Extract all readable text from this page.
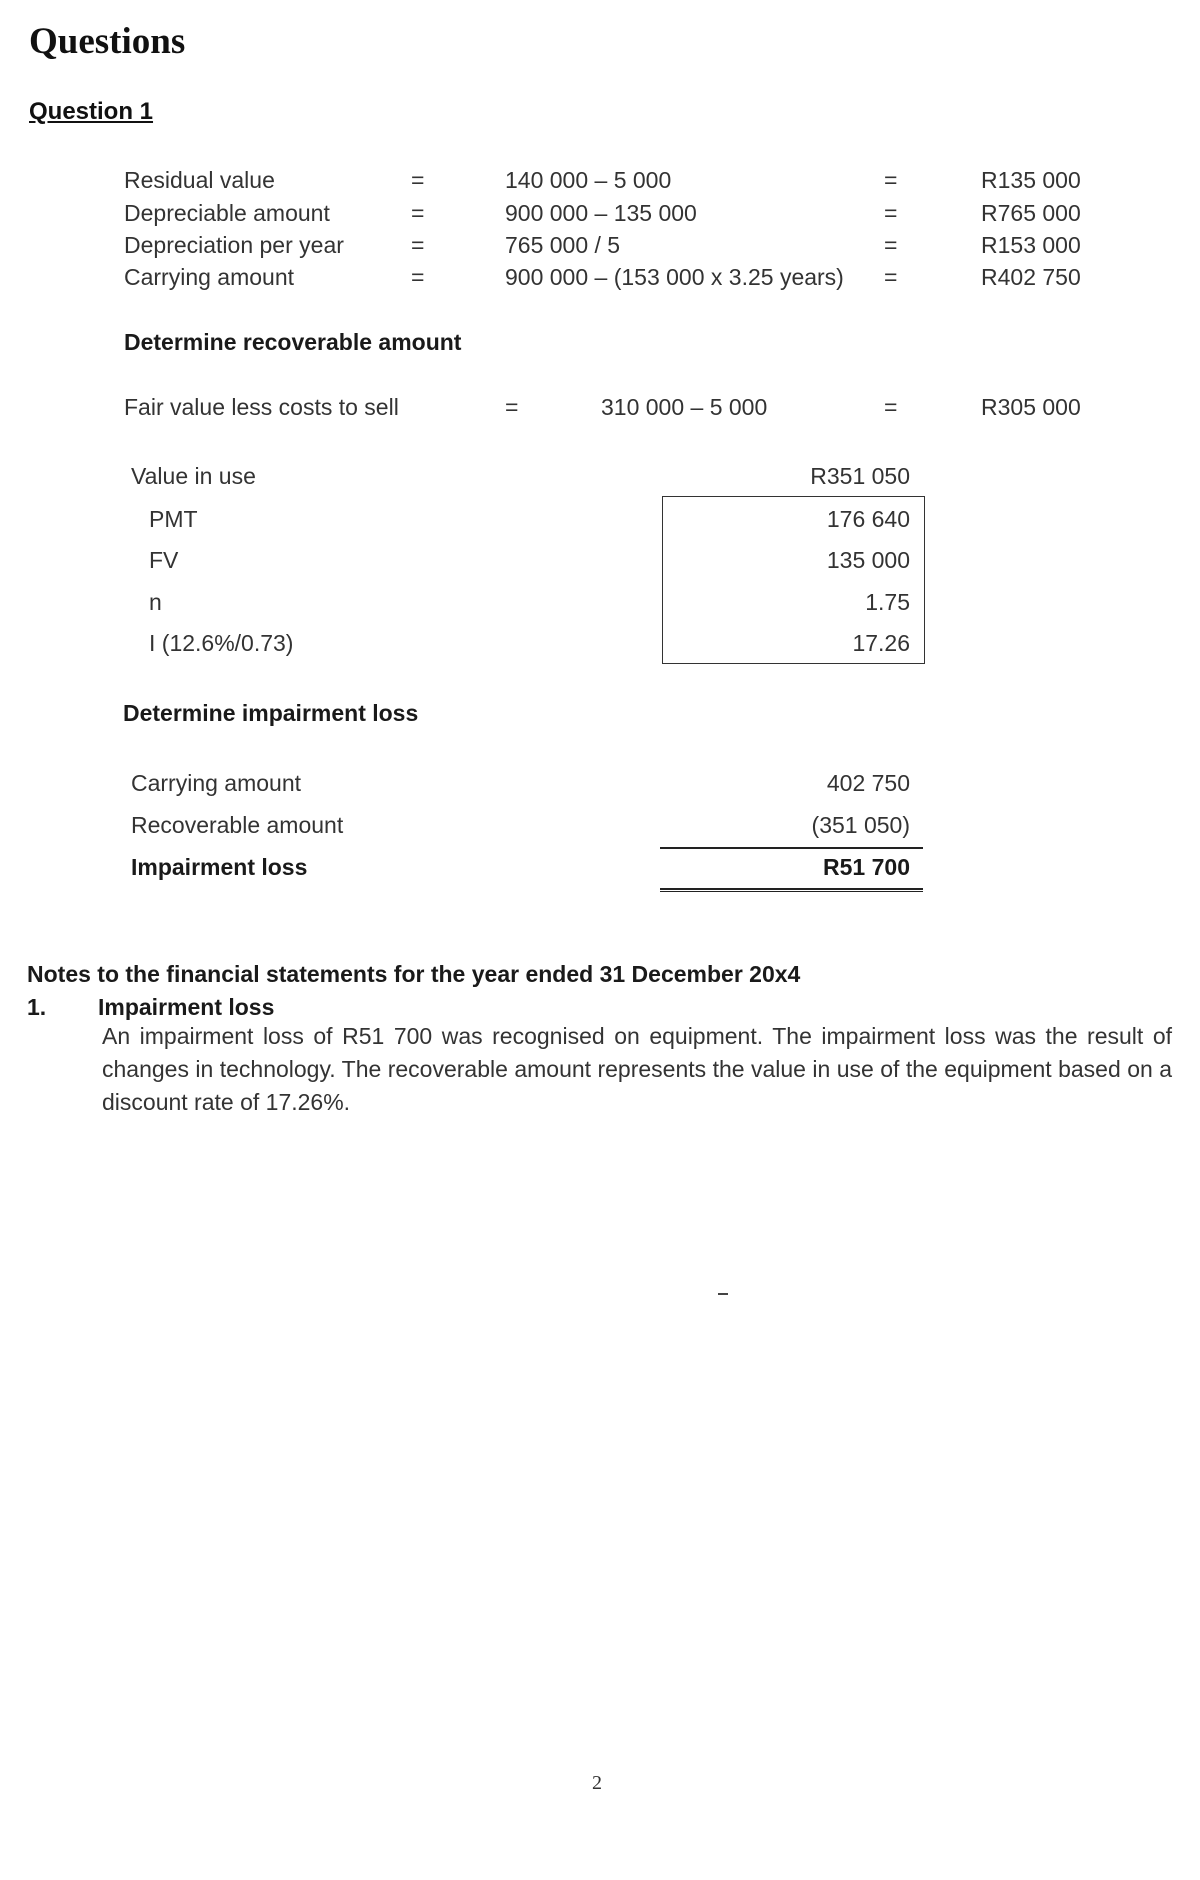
Questions
Question 1
Residual value	=	140 000 – 5 000	=	R135 000
Depreciable amount	=	900 000 – 135 000	=	R765 000
Depreciation per year	=	765 000 / 5	=	R153 000
Carrying amount	=	900 000 – (153 000 x 3.25 years) =	R402 750
Determine recoverable amount
Fair value less costs to sell	=	310 000 – 5 000	=	R305 000
Value in use	R351 050
PMT	176 640
FV	135 000
n	1.75
I (12.6%/0.73)	17.26
Determine impairment loss
Carrying amount	402 750
Recoverable amount	(351 050)
Impairment loss	R51 700
Notes to the financial statements for the year ended 31 December 20x4
1. Impairment loss
An impairment loss of R51 700 was recognised on equipment. The impairment loss was the result of changes in technology. The recoverable amount represents the value in use of the equipment based on a discount rate of 17.26%.
2
